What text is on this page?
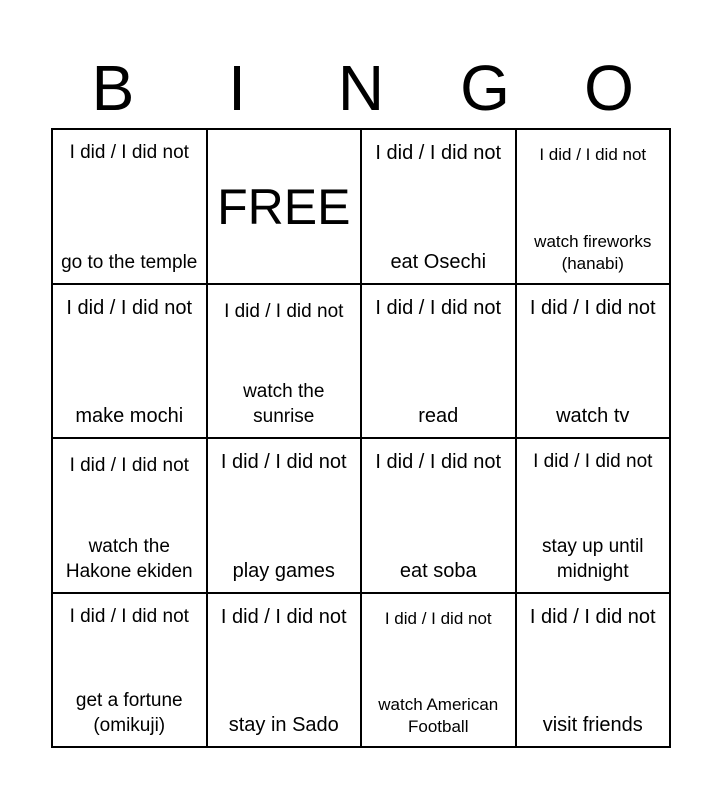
B	I	N	G	O
I did / I did not
go to the temple
FREE
I did / I did not
eat Osechi
I did / I did not
watch fireworks (hanabi)
I did / I did not
make mochi
I did / I did not
watch the sunrise
I did / I did not
read
I did / I did not
watch tv
I did / I did not
watch the Hakone ekiden
I did / I did not
play games
I did / I did not
eat soba
I did / I did not
stay up until midnight
I did / I did not
get a fortune (omikuji)
I did / I did not
stay in Sado
I did / I did not
watch American Football
I did / I did not
visit friends
